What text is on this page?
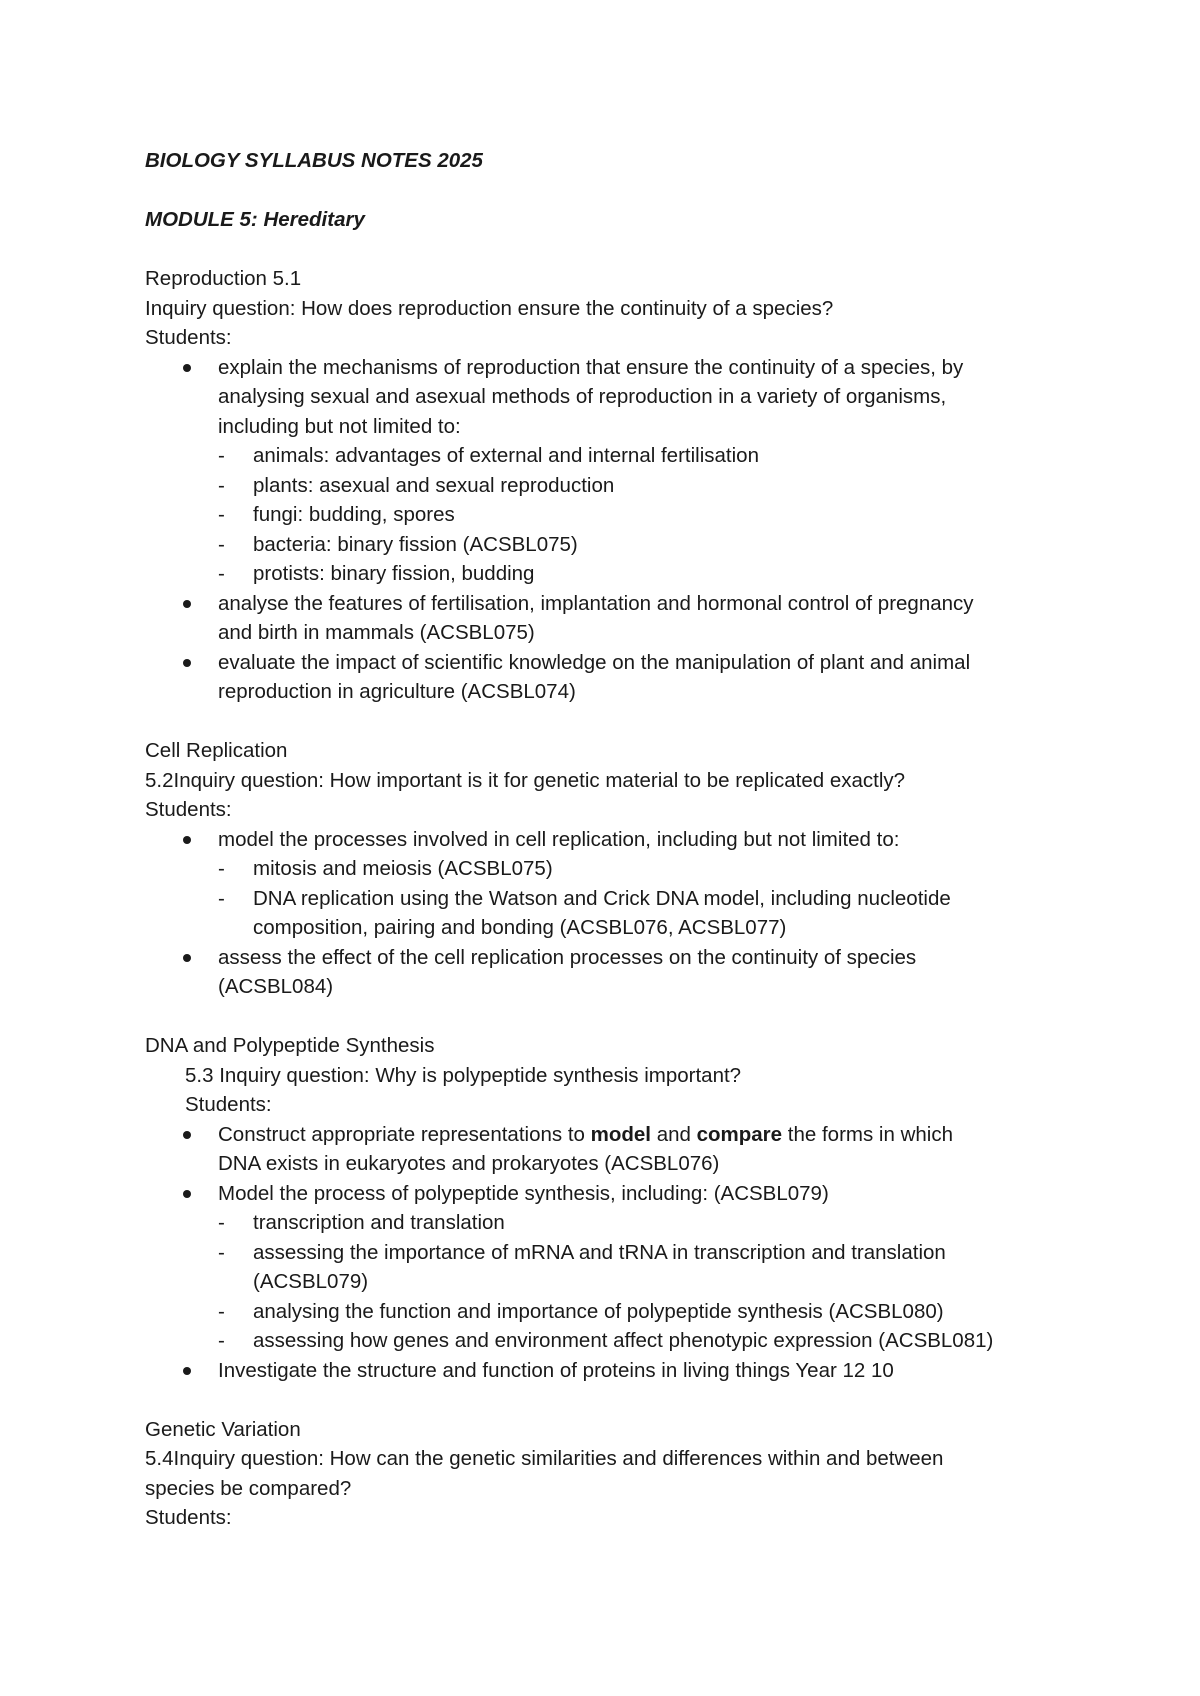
BIOLOGY SYLLABUS NOTES 2025
MODULE 5: Hereditary
Reproduction 5.1
Inquiry question: How does reproduction ensure the continuity of a species?
Students:
explain the mechanisms of reproduction that ensure the continuity of a species, by
analysing sexual and asexual methods of reproduction in a variety of organisms,
including but not limited to:
- animals: advantages of external and internal fertilisation
- plants: asexual and sexual reproduction
- fungi: budding, spores
- bacteria: binary fission (ACSBL075)
- protists: binary fission, budding
analyse the features of fertilisation, implantation and hormonal control of pregnancy
and birth in mammals (ACSBL075)
evaluate the impact of scientific knowledge on the manipulation of plant and animal
reproduction in agriculture (ACSBL074)
Cell Replication
5.2Inquiry question: How important is it for genetic material to be replicated exactly?
Students:
model the processes involved in cell replication, including but not limited to:
- mitosis and meiosis (ACSBL075)
- DNA replication using the Watson and Crick DNA model, including nucleotide
composition, pairing and bonding (ACSBL076, ACSBL077)
assess the effect of the cell replication processes on the continuity of species
(ACSBL084)
DNA and Polypeptide Synthesis
5.3 Inquiry question: Why is polypeptide synthesis important?
Students:
Construct appropriate representations to model and compare the forms in which
DNA exists in eukaryotes and prokaryotes (ACSBL076)
Model the process of polypeptide synthesis, including: (ACSBL079)
- transcription and translation
- assessing the importance of mRNA and tRNA in transcription and translation
(ACSBL079)
- analysing the function and importance of polypeptide synthesis (ACSBL080)
- assessing how genes and environment affect phenotypic expression (ACSBL081)
Investigate the structure and function of proteins in living things Year 12 10
Genetic Variation
5.4Inquiry question: How can the genetic similarities and differences within and between
species be compared?
Students:
